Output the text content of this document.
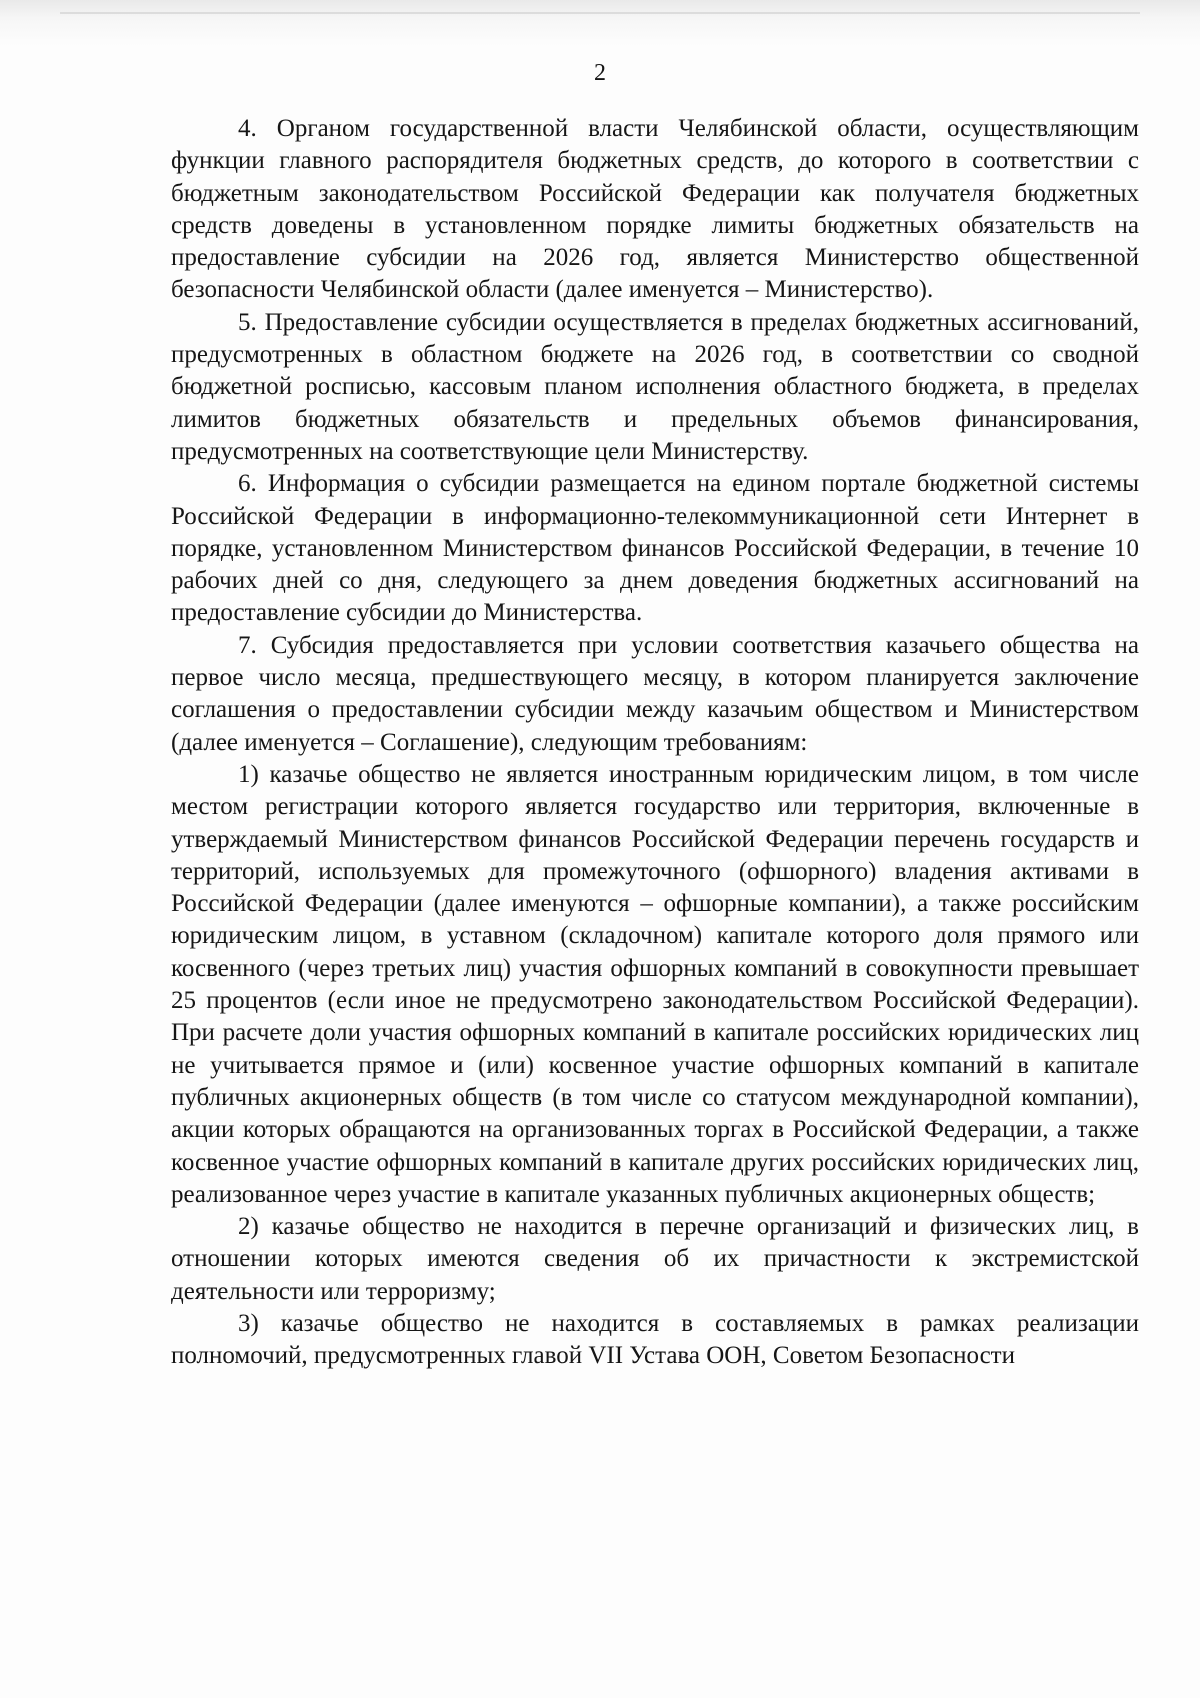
2

4. Органом государственной власти Челябинской области, осуществляющим функции главного распорядителя бюджетных средств, до которого в соответствии с бюджетным законодательством Российской Федерации как получателя бюджетных средств доведены в установленном порядке лимиты бюджетных обязательств на предоставление субсидии на 2026 год, является Министерство общественной безопасности Челябинской области (далее именуется – Министерство).

5. Предоставление субсидии осуществляется в пределах бюджетных ассигнований, предусмотренных в областном бюджете на 2026 год, в соответствии со сводной бюджетной росписью, кассовым планом исполнения областного бюджета, в пределах лимитов бюджетных обязательств и предельных объемов финансирования, предусмотренных на соответствующие цели Министерству.

6. Информация о субсидии размещается на едином портале бюджетной системы Российской Федерации в информационно-телекоммуникационной сети Интернет в порядке, установленном Министерством финансов Российской Федерации, в течение 10 рабочих дней со дня, следующего за днем доведения бюджетных ассигнований на предоставление субсидии до Министерства.

7. Субсидия предоставляется при условии соответствия казачьего общества на первое число месяца, предшествующего месяцу, в котором планируется заключение соглашения о предоставлении субсидии между казачьим обществом и Министерством (далее именуется – Соглашение), следующим требованиям:

1) казачье общество не является иностранным юридическим лицом, в том числе местом регистрации которого является государство или территория, включенные в утверждаемый Министерством финансов Российской Федерации перечень государств и территорий, используемых для промежуточного (офшорного) владения активами в Российской Федерации (далее именуются – офшорные компании), а также российским юридическим лицом, в уставном (складочном) капитале которого доля прямого или косвенного (через третьих лиц) участия офшорных компаний в совокупности превышает 25 процентов (если иное не предусмотрено законодательством Российской Федерации). При расчете доли участия офшорных компаний в капитале российских юридических лиц не учитывается прямое и (или) косвенное участие офшорных компаний в капитале публичных акционерных обществ (в том числе со статусом международной компании), акции которых обращаются на организованных торгах в Российской Федерации, а также косвенное участие офшорных компаний в капитале других российских юридических лиц, реализованное через участие в капитале указанных публичных акционерных обществ;

2) казачье общество не находится в перечне организаций и физических лиц, в отношении которых имеются сведения об их причастности к экстремистской деятельности или терроризму;

3) казачье общество не находится в составляемых в рамках реализации полномочий, предусмотренных главой VII Устава ООН, Советом Безопасности
